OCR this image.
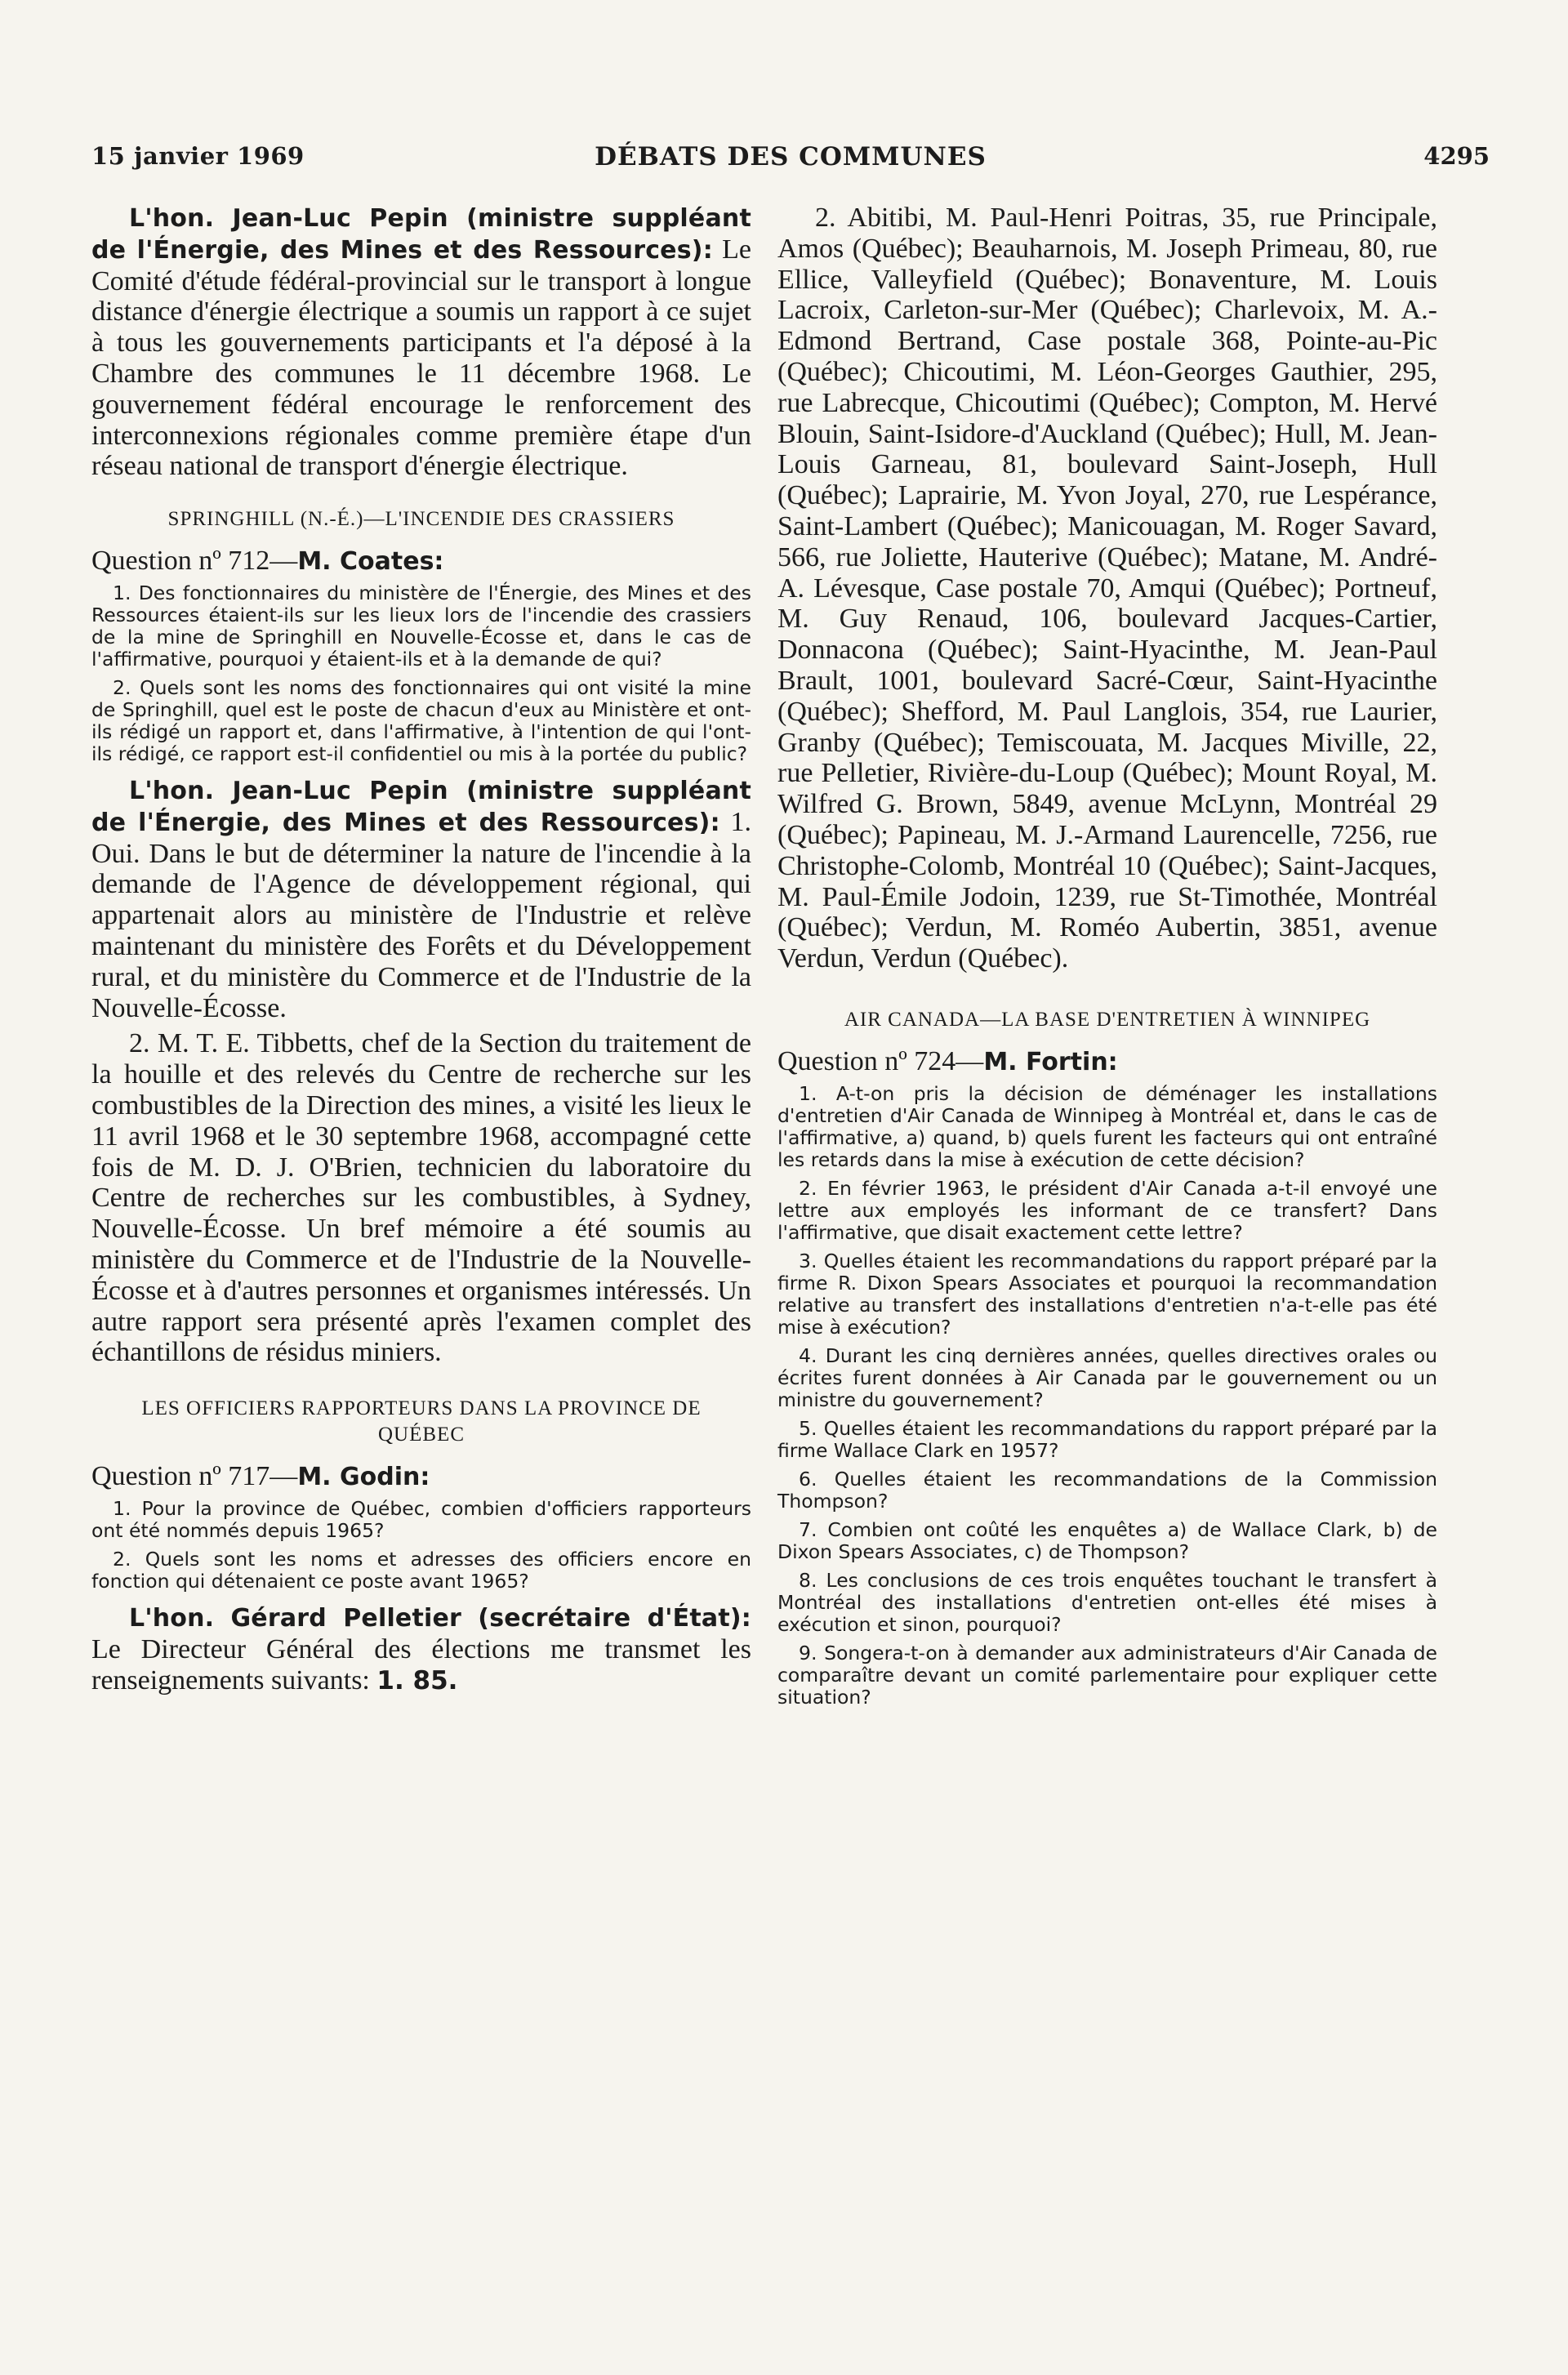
15 janvier 1969	DÉBATS DES COMMUNES	4295

L'hon. Jean-Luc Pepin (ministre suppléant de l'Énergie, des Mines et des Ressources): Le Comité d'étude fédéral-provincial sur le transport à longue distance d'énergie électrique a soumis un rapport à ce sujet à tous les gouvernements participants et l'a déposé à la Chambre des communes le 11 décembre 1968. Le gouvernement fédéral encourage le renforcement des interconnexions régionales comme première étape d'un réseau national de transport d'énergie électrique.

SPRINGHILL (N.-É.)—L'INCENDIE DES CRASSIERS
Question nº 712—M. Coates:

1. Des fonctionnaires du ministère de l'Énergie, des Mines et des Ressources étaient-ils sur les lieux lors de l'incendie des crassiers de la mine de Springhill en Nouvelle-Écosse et, dans le cas de l'affirmative, pourquoi y étaient-ils et à la demande de qui?

2. Quels sont les noms des fonctionnaires qui ont visité la mine de Springhill, quel est le poste de chacun d'eux au Ministère et ont-ils rédigé un rapport et, dans l'affirmative, à l'intention de qui l'ont-ils rédigé, ce rapport est-il confidentiel ou mis à la portée du public?

L'hon. Jean-Luc Pepin (ministre suppléant de l'Énergie, des Mines et des Ressources): 1. Oui. Dans le but de déterminer la nature de l'incendie à la demande de l'Agence de développement régional, qui appartenait alors au ministère de l'Industrie et relève maintenant du ministère des Forêts et du Développement rural, et du ministère du Commerce et de l'Industrie de la Nouvelle-Écosse.

2. M. T. E. Tibbetts, chef de la Section du traitement de la houille et des relevés du Centre de recherche sur les combustibles de la Direction des mines, a visité les lieux le 11 avril 1968 et le 30 septembre 1968, accompagné cette fois de M. D. J. O'Brien, technicien du laboratoire du Centre de recherches sur les combustibles, à Sydney, Nouvelle-Écosse. Un bref mémoire a été soumis au ministère du Commerce et de l'Industrie de la Nouvelle-Écosse et à d'autres personnes et organismes intéressés. Un autre rapport sera présenté après l'examen complet des échantillons de résidus miniers.

LES OFFICIERS RAPPORTEURS DANS LA PROVINCE DE QUÉBEC
Question nº 717—M. Godin:

1. Pour la province de Québec, combien d'officiers rapporteurs ont été nommés depuis 1965?

2. Quels sont les noms et adresses des officiers encore en fonction qui détenaient ce poste avant 1965?

L'hon. Gérard Pelletier (secrétaire d'État): Le Directeur Général des élections me transmet les renseignements suivants: 1. 85.

2. Abitibi, M. Paul-Henri Poitras, 35, rue Principale, Amos (Québec); Beauharnois, M. Joseph Primeau, 80, rue Ellice, Valleyfield (Québec); Bonaventure, M. Louis Lacroix, Carleton-sur-Mer (Québec); Charlevoix, M. A.-Edmond Bertrand, Case postale 368, Pointe-au-Pic (Québec); Chicoutimi, M. Léon-Georges Gauthier, 295, rue Labrecque, Chicoutimi (Québec); Compton, M. Hervé Blouin, Saint-Isidore-d'Auckland (Québec); Hull, M. Jean-Louis Garneau, 81, boulevard Saint-Joseph, Hull (Québec); Laprairie, M. Yvon Joyal, 270, rue Lespérance, Saint-Lambert (Québec); Manicouagan, M. Roger Savard, 566, rue Joliette, Hauterive (Québec); Matane, M. André-A. Lévesque, Case postale 70, Amqui (Québec); Portneuf, M. Guy Renaud, 106, boulevard Jacques-Cartier, Donnacona (Québec); Saint-Hyacinthe, M. Jean-Paul Brault, 1001, boulevard Sacré-Cœur, Saint-Hyacinthe (Québec); Shefford, M. Paul Langlois, 354, rue Laurier, Granby (Québec); Temiscouata, M. Jacques Miville, 22, rue Pelletier, Rivière-du-Loup (Québec); Mount Royal, M. Wilfred G. Brown, 5849, avenue McLynn, Montréal 29 (Québec); Papineau, M. J.-Armand Laurencelle, 7256, rue Christophe-Colomb, Montréal 10 (Québec); Saint-Jacques, M. Paul-Émile Jodoin, 1239, rue St-Timothée, Montréal (Québec); Verdun, M. Roméo Aubertin, 3851, avenue Verdun, Verdun (Québec).

AIR CANADA—LA BASE D'ENTRETIEN À WINNIPEG
Question nº 724—M. Fortin:

1. A-t-on pris la décision de déménager les installations d'entretien d'Air Canada de Winnipeg à Montréal et, dans le cas de l'affirmative, a) quand, b) quels furent les facteurs qui ont entraîné les retards dans la mise à exécution de cette décision?

2. En février 1963, le président d'Air Canada a-t-il envoyé une lettre aux employés les informant de ce transfert? Dans l'affirmative, que disait exactement cette lettre?

3. Quelles étaient les recommandations du rapport préparé par la firme R. Dixon Spears Associates et pourquoi la recommandation relative au transfert des installations d'entretien n'a-t-elle pas été mise à exécution?

4. Durant les cinq dernières années, quelles directives orales ou écrites furent données à Air Canada par le gouvernement ou un ministre du gouvernement?

5. Quelles étaient les recommandations du rapport préparé par la firme Wallace Clark en 1957?

6. Quelles étaient les recommandations de la Commission Thompson?

7. Combien ont coûté les enquêtes a) de Wallace Clark, b) de Dixon Spears Associates, c) de Thompson?

8. Les conclusions de ces trois enquêtes touchant le transfert à Montréal des installations d'entretien ont-elles été mises à exécution et sinon, pourquoi?

9. Songera-t-on à demander aux administrateurs d'Air Canada de comparaître devant un comité parlementaire pour expliquer cette situation?
